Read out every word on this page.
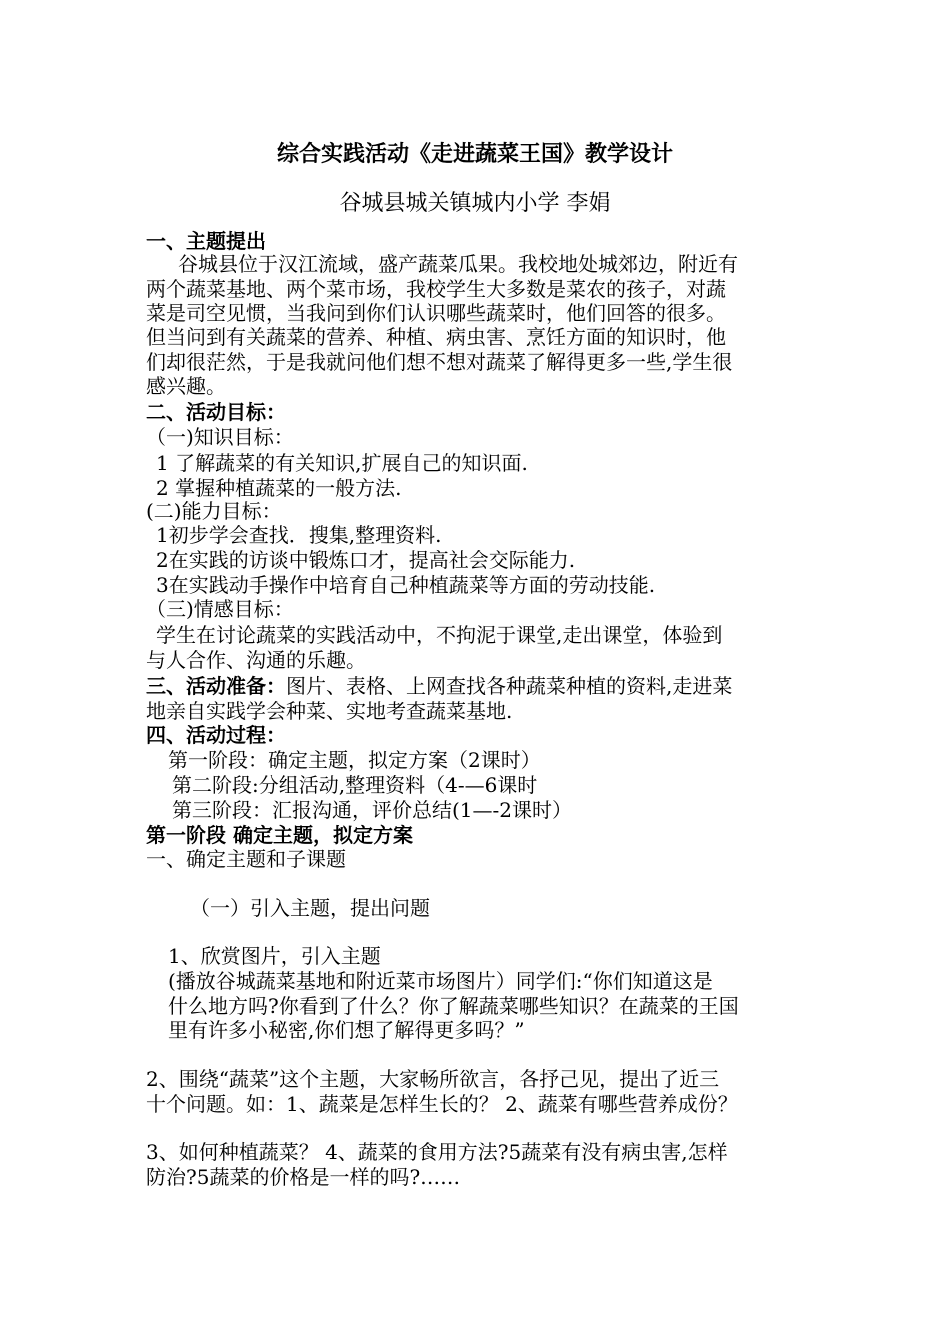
综合实践活动《走进蔬菜王国》教学设计
谷城县城关镇城内小学 李娟
一、主题提出
谷城县位于汉江流域，盛产蔬菜瓜果。我校地处城郊边，附近有
两个蔬菜基地、两个菜市场，我校学生大多数是菜农的孩子，对蔬
菜是司空见惯，当我问到你们认识哪些蔬菜时，他们回答的很多。
但当问到有关蔬菜的营养、种植、病虫害、烹饪方面的知识时，他
们却很茫然，于是我就问他们想不想对蔬菜了解得更多一些,学生很
感兴趣。
二、活动目标：
（一)知识目标：
1 了解蔬菜的有关知识,扩展自己的知识面.
2 掌握种植蔬菜的一般方法.
(二)能力目标：
1初步学会查找．搜集,整理资料.
2在实践的访谈中锻炼口才，提高社会交际能力.
3在实践动手操作中培育自己种植蔬菜等方面的劳动技能.
（三)情感目标：
学生在讨论蔬菜的实践活动中，不拘泥于课堂,走出课堂，体验到
与人合作、沟通的乐趣。
三、活动准备：图片、表格、上网查找各种蔬菜种植的资料,走进菜
地亲自实践学会种菜、实地考查蔬菜基地.
四、活动过程：
第一阶段：确定主题，拟定方案（2课时）
第二阶段:分组活动,整理资料（4-—6课时
第三阶段：汇报沟通，评价总结(1—-2课时）
第一阶段 确定主题，拟定方案
一、确定主题和子课题
（一）引入主题，提出问题
1、欣赏图片，引入主题
(播放谷城蔬菜基地和附近菜市场图片）同学们:“你们知道这是
什么地方吗?你看到了什么？你了解蔬菜哪些知识？在蔬菜的王国
里有许多小秘密,你们想了解得更多吗？”
2、围绕“蔬菜”这个主题，大家畅所欲言，各抒己见，提出了近三
十个问题。如：1、蔬菜是怎样生长的？ 2、蔬菜有哪些营养成份？
3、如何种植蔬菜？ 4、蔬菜的食用方法?5蔬菜有没有病虫害,怎样
防治?5蔬菜的价格是一样的吗?……
